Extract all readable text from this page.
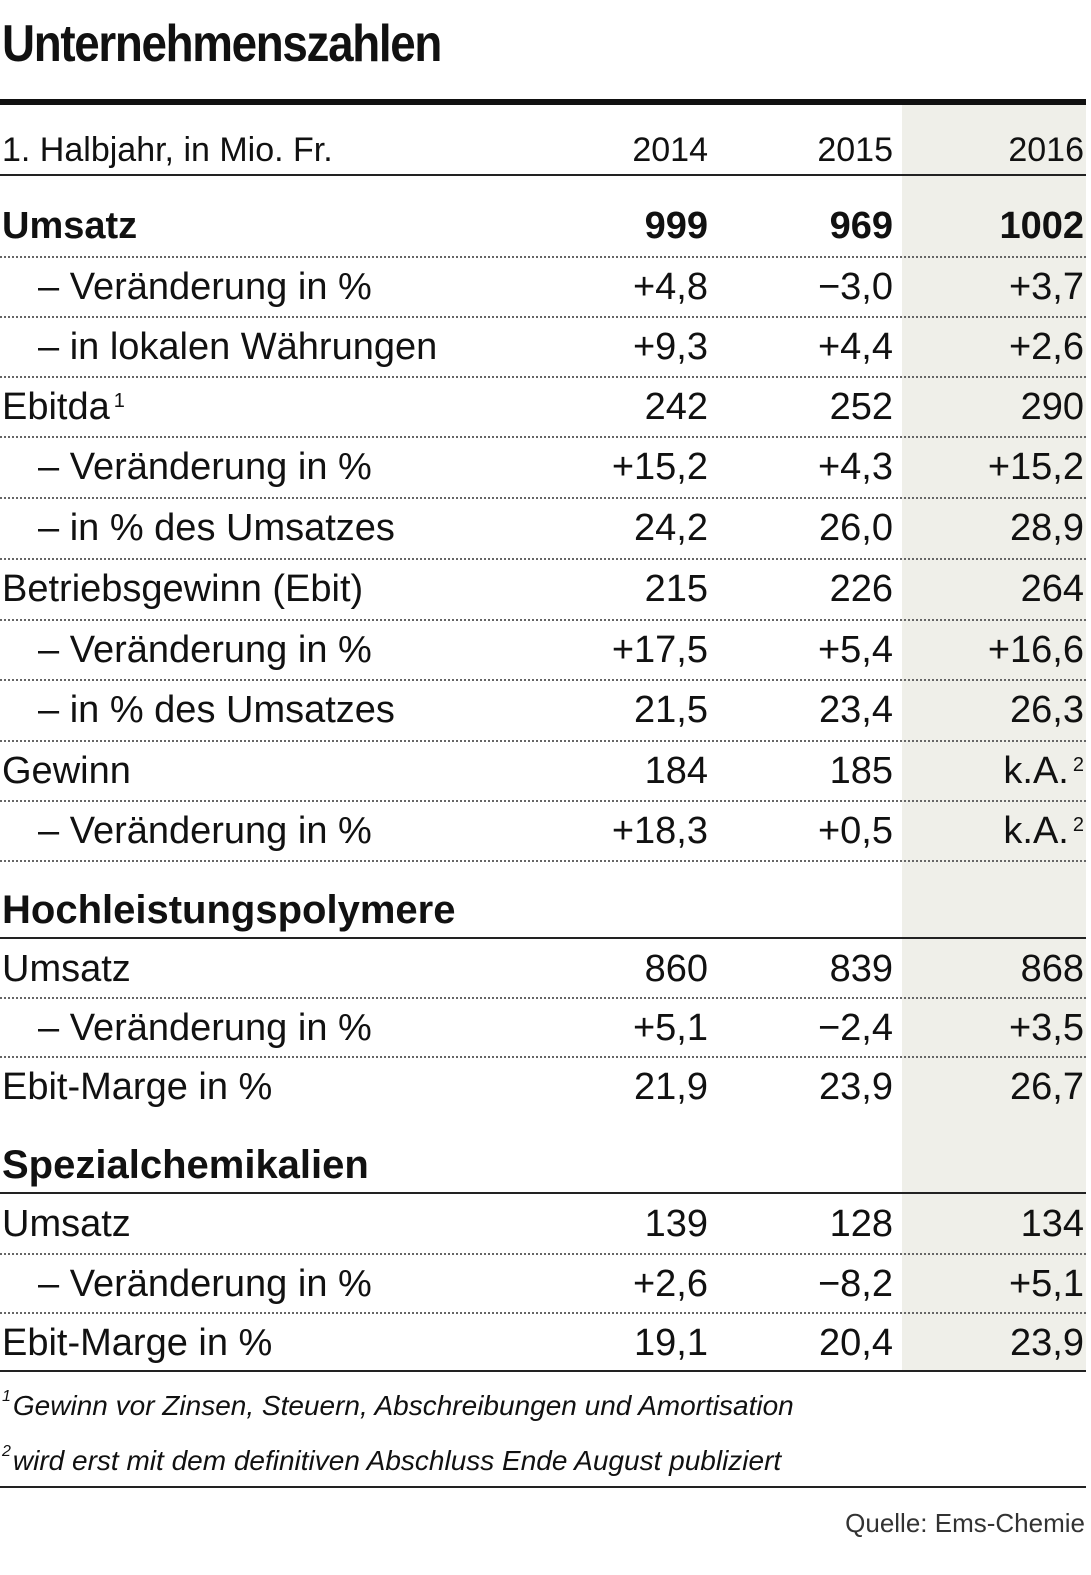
Unternehmenszahlen
1. Halbjahr, in Mio. Fr.	2014	2015	2016
Umsatz	999	969	1002
– Veränderung in %	+4,8	−3,0	+3,7
– in lokalen Währungen	+9,3	+4,4	+2,6
Ebitda $^1$	242	252	290
– Veränderung in %	+15,2	+4,3	+15,2
– in % des Umsatzes	24,2	26,0	28,9
Betriebsgewinn (Ebit)	215	226	264
– Veränderung in %	+17,5	+5,4	+16,6
– in % des Umsatzes	21,5	23,4	26,3
Gewinn	184	185	k.A. $^2$
– Veränderung in %	+18,3	+0,5	k.A. $^2$
Hochleistungspolymere
Umsatz	860	839	868
– Veränderung in %	+5,1	−2,4	+3,5
Ebit-Marge in %	21,9	23,9	26,7
Spezialchemikalien
Umsatz	139	128	134
– Veränderung in %	+2,6	−8,2	+5,1
Ebit-Marge in %	19,1	20,4	23,9
$^1$Gewinn vor Zinsen, Steuern, Abschreibungen und Amortisation
$^2$wird erst mit dem definitiven Abschluss Ende August publiziert
Quelle: Ems-Chemie
